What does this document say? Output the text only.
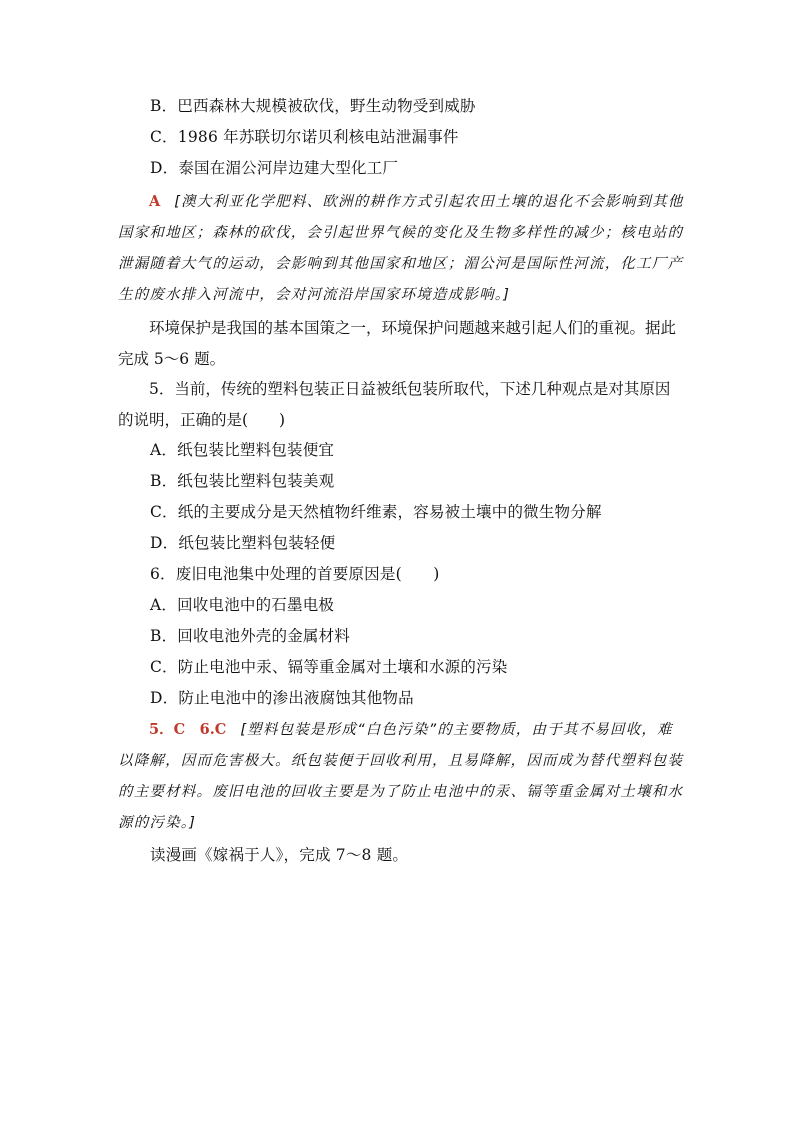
B．巴西森林大规模被砍伐，野生动物受到威胁
C．1986 年苏联切尔诺贝利核电站泄漏事件
D．泰国在湄公河岸边建大型化工厂
A [澳大利亚化学肥料、欧洲的耕作方式引起农田土壤的退化不会影响到其他国家和地区；森林的砍伐，会引起世界气候的变化及生物多样性的减少；核电站的泄漏随着大气的运动，会影响到其他国家和地区；湄公河是国际性河流，化工厂产生的废水排入河流中，会对河流沿岸国家环境造成影响。]
环境保护是我国的基本国策之一，环境保护问题越来越引起人们的重视。据此完成 5～6 题。
5．当前，传统的塑料包装正日益被纸包装所取代，下述几种观点是对其原因的说明，正确的是(　　)
A．纸包装比塑料包装便宜
B．纸包装比塑料包装美观
C．纸的主要成分是天然植物纤维素，容易被土壤中的微生物分解
D．纸包装比塑料包装轻便
6．废旧电池集中处理的首要原因是(　　)
A．回收电池中的石墨电极
B．回收电池外壳的金属材料
C．防止电池中汞、镉等重金属对土壤和水源的污染
D．防止电池中的渗出液腐蚀其他物品
5．C　6.C [塑料包装是形成“白色污染”的主要物质，由于其不易回收，难以降解，因而危害极大。纸包装便于回收利用，且易降解，因而成为替代塑料包装的主要材料。废旧电池的回收主要是为了防止电池中的汞、镉等重金属对土壤和水源的污染。]
读漫画《嫁祸于人》，完成 7～8 题。
